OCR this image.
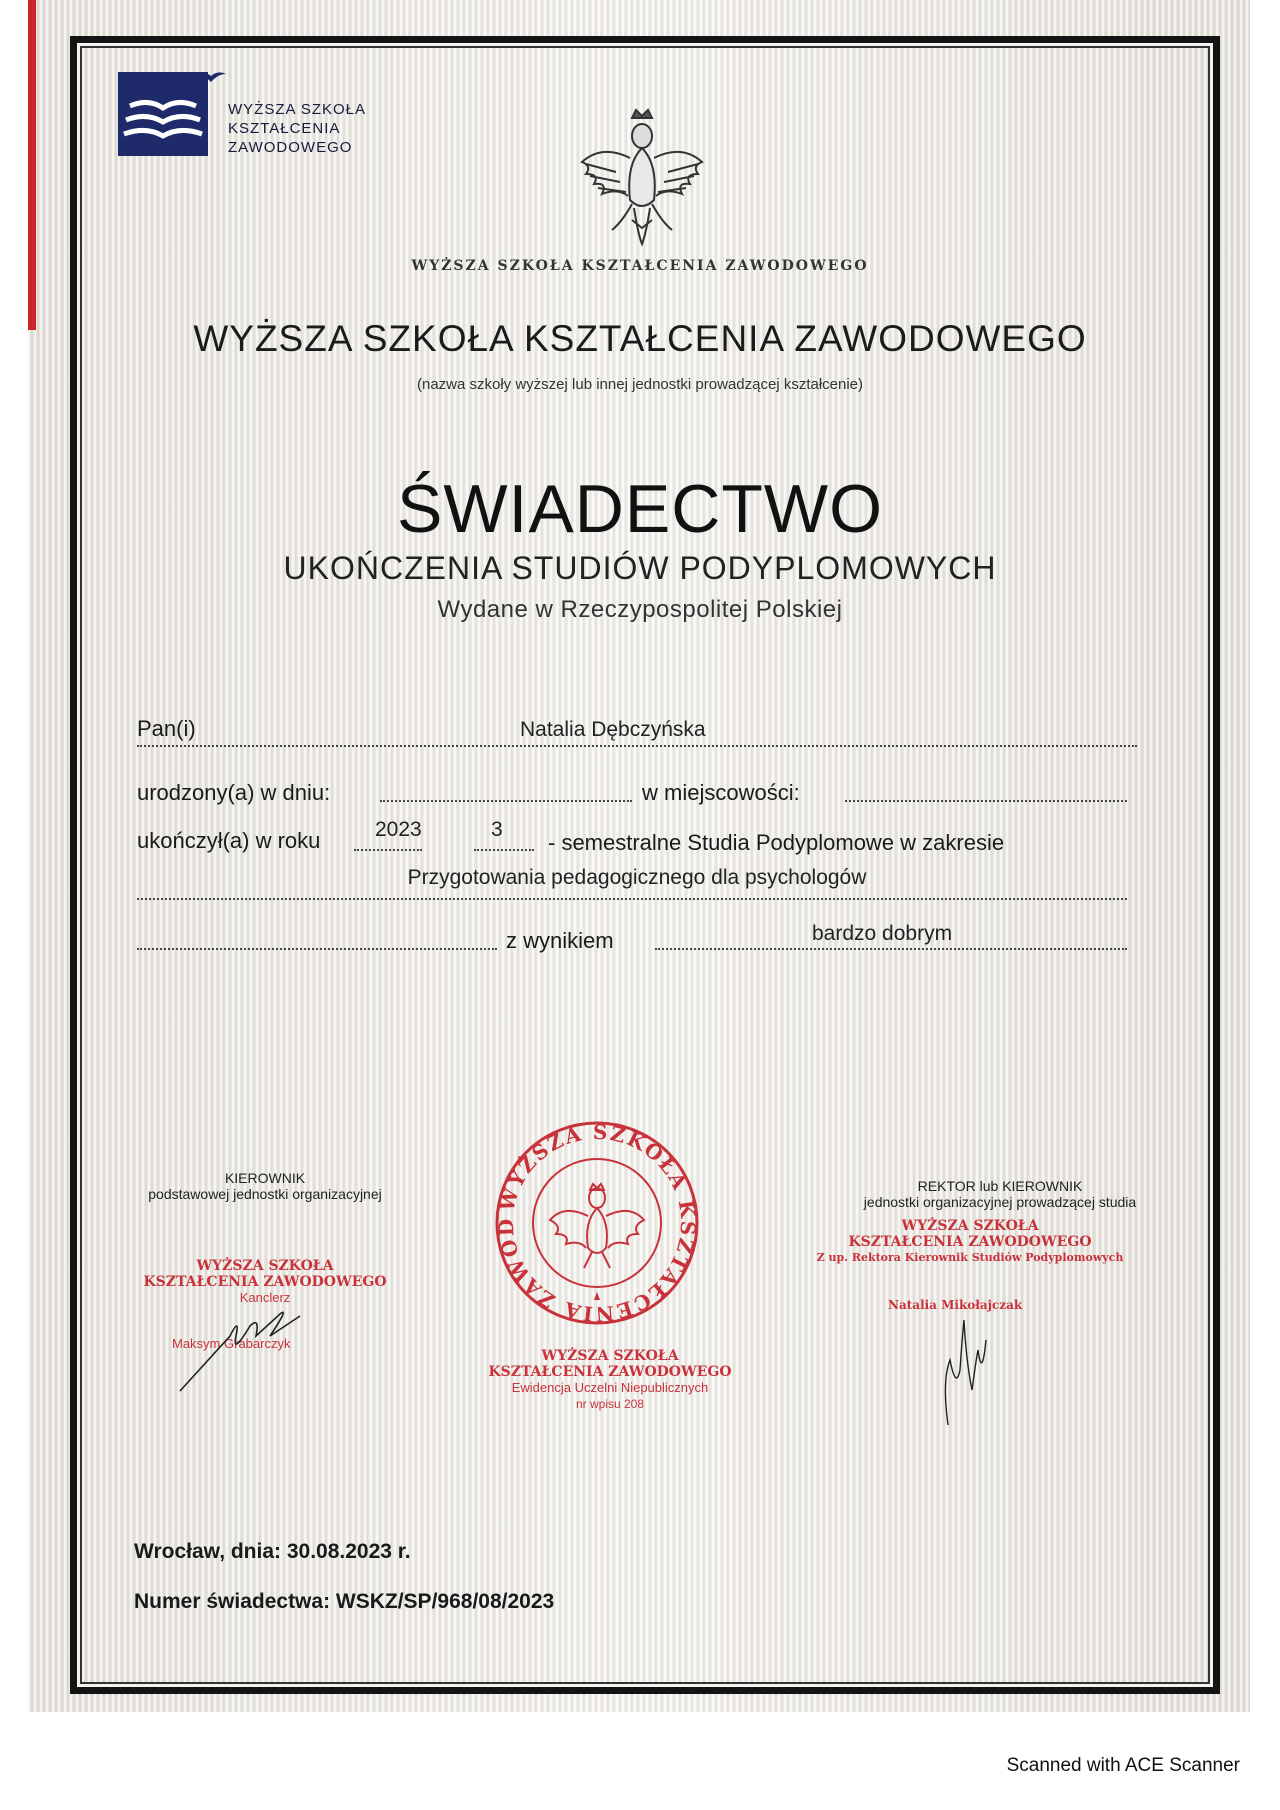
WYŻSZA SZKOŁA
KSZTAŁCENIA
ZAWODOWEGO
WYŻSZA SZKOŁA KSZTAŁCENIA ZAWODOWEGO
WYŻSZA SZKOŁA KSZTAŁCENIA ZAWODOWEGO
(nazwa szkoły wyższej lub innej jednostki prowadzącej kształcenie)
ŚWIADECTWO
UKOŃCZENIA STUDIÓW PODYPLOMOWYCH
Wydane w Rzeczypospolitej Polskiej
Pan(i)	Natalia Dębczyńska
urodzony(a) w dniu:	w miejscowości:
ukończył(a) w roku	2023	3
- semestralne Studia Podyplomowe w zakresie
Przygotowania pedagogicznego dla psychologów
z wynikiem	bardzo dobrym
KIEROWNIK
podstawowej jednostki organizacyjnej
WYŻSZA SZKOŁA
KSZTAŁCENIA ZAWODOWEGO
Kanclerz
Maksym Grabarczyk
WYŻSZA SZKOŁA KSZTAŁCENIA ZAWOD
WYŻSZA SZKOŁA
KSZTAŁCENIA ZAWODOWEGO
Ewidencja Uczelni Niepublicznych
nr wpisu 208
REKTOR lub KIEROWNIK
jednostki organizacyjnej prowadzącej studia
WYŻSZA SZKOŁA
KSZTAŁCENIA ZAWODOWEGO
Z up. Rektora Kierownik Studiów Podyplomowych
Natalia Mikołajczak
Wrocław, dnia: 30.08.2023 r.
Numer świadectwa: WSKZ/SP/968/08/2023
Scanned with ACE Scanner
